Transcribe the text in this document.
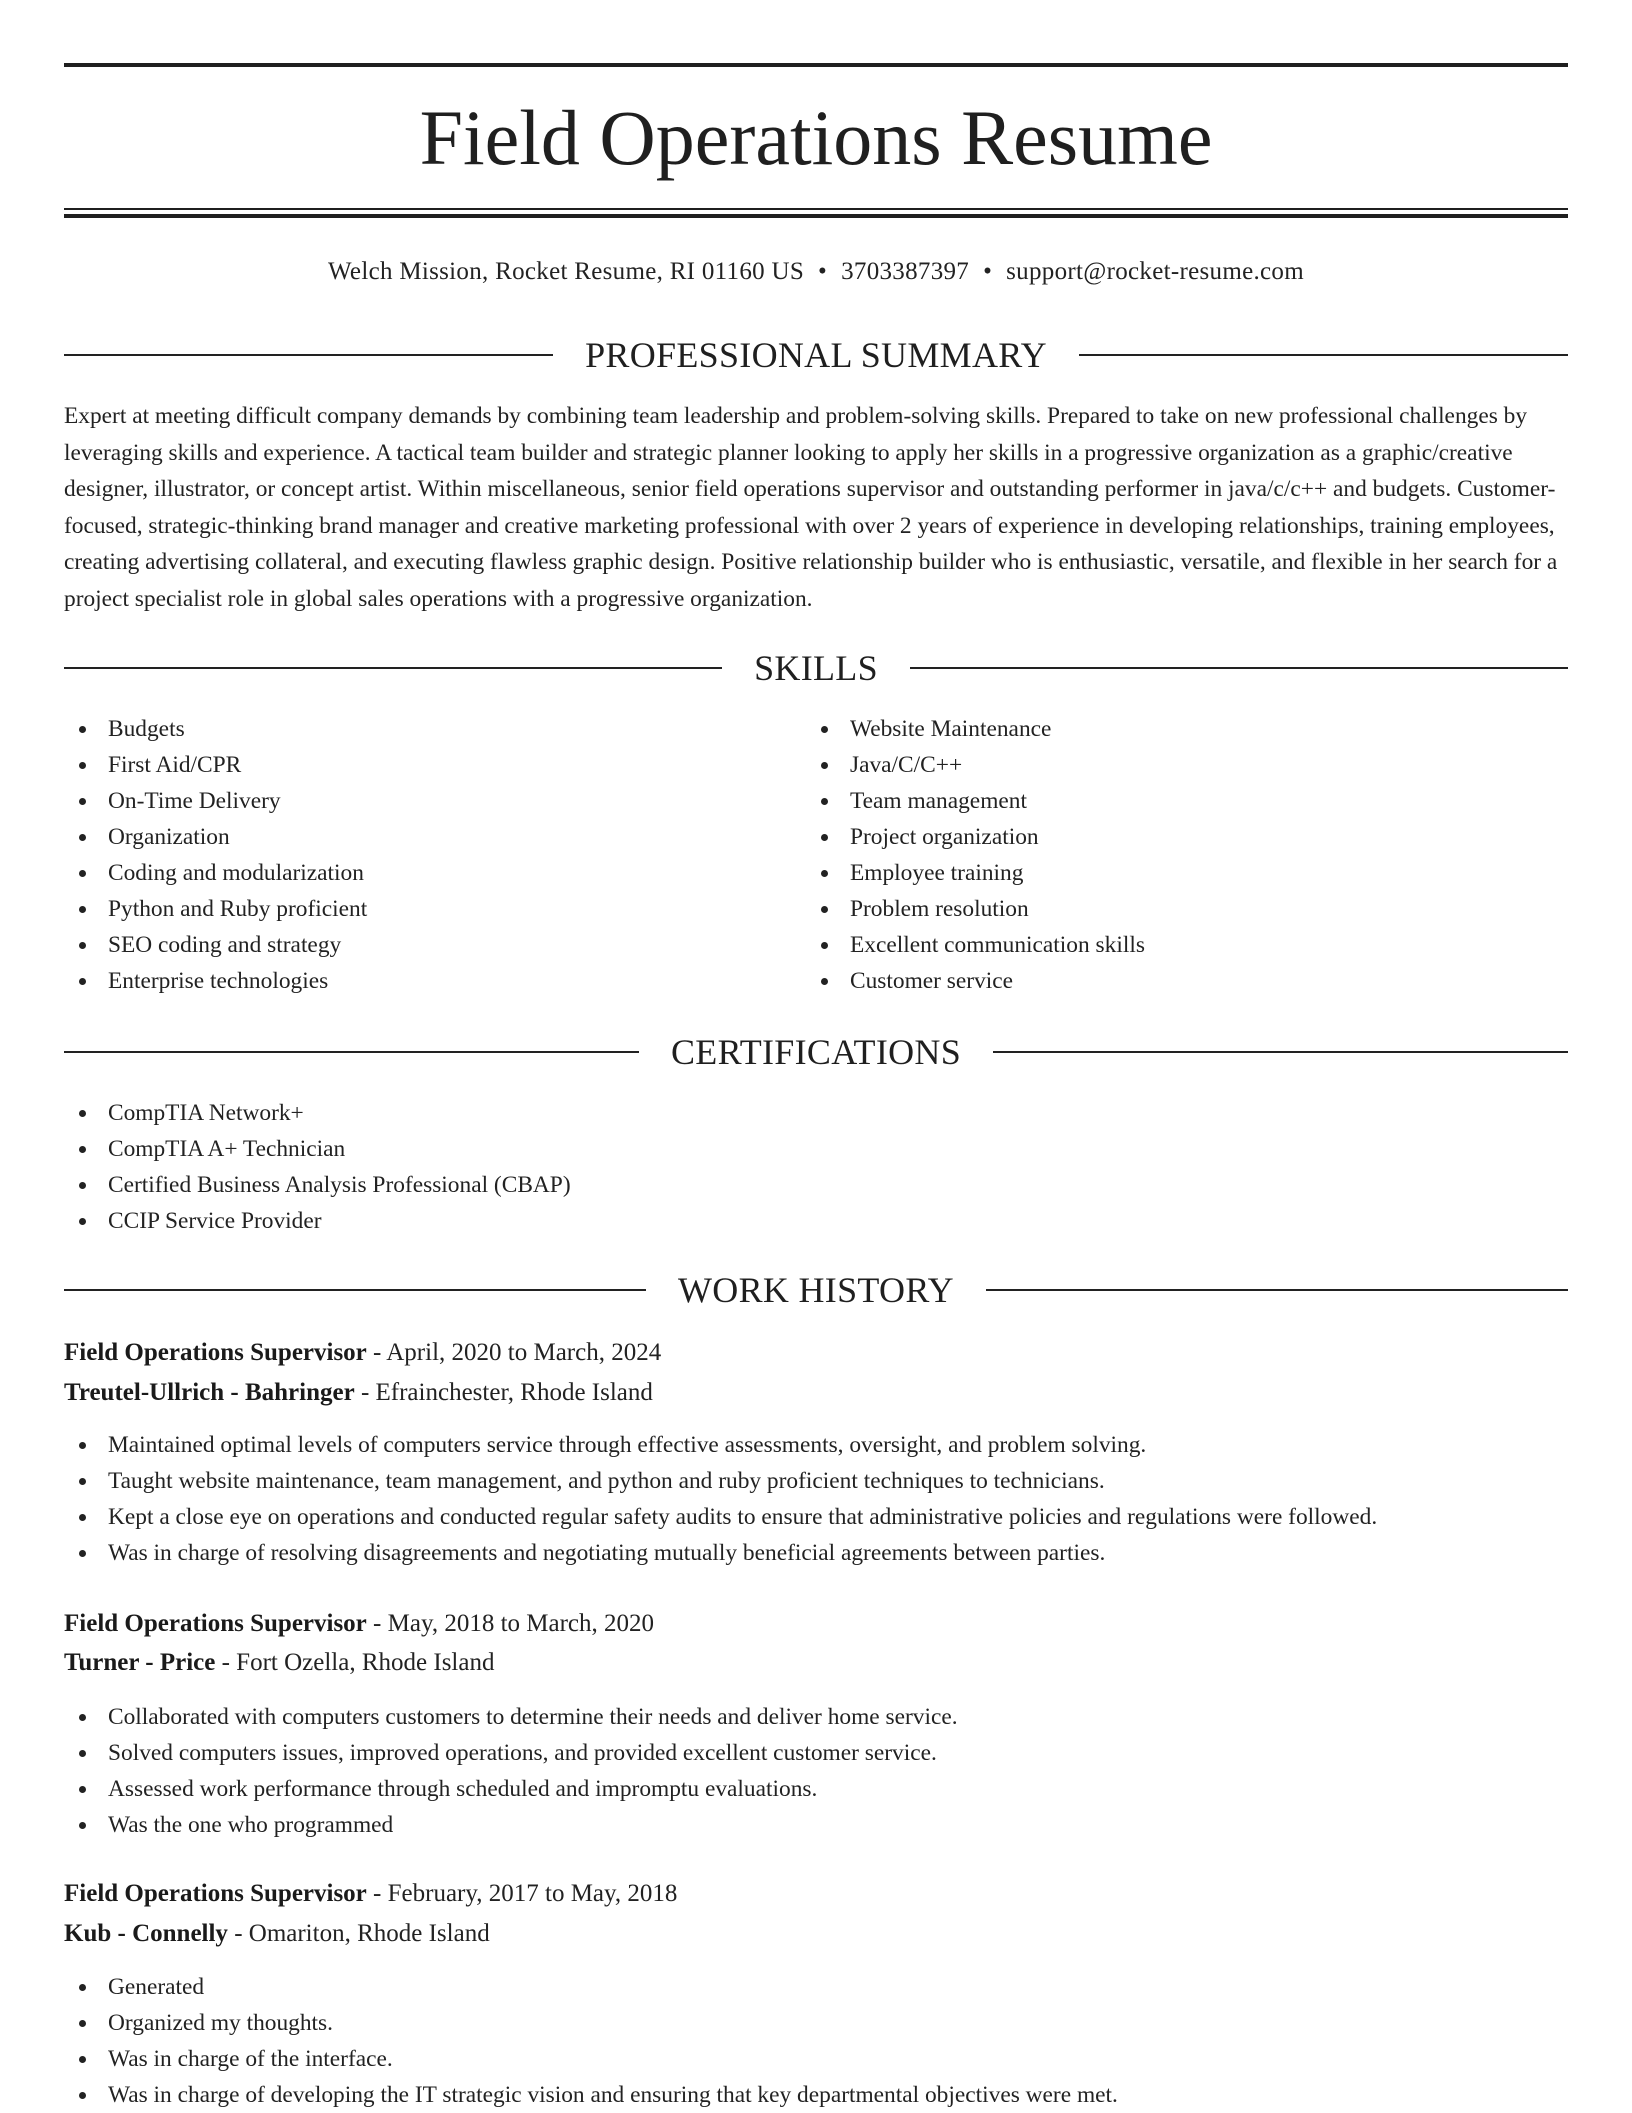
Field Operations Resume
Welch Mission, Rocket Resume, RI 01160 US • 3703387397 • support@rocket-resume.com
PROFESSIONAL SUMMARY

Expert at meeting difficult company demands by combining team leadership and problem-solving skills. Prepared to take on new professional challenges by leveraging skills and experience. A tactical team builder and strategic planner looking to apply her skills in a progressive organization as a graphic/creative designer, illustrator, or concept artist. Within miscellaneous, senior field operations supervisor and outstanding performer in java/c/c++ and budgets. Customer-focused, strategic-thinking brand manager and creative marketing professional with over 2 years of experience in developing relationships, training employees, creating advertising collateral, and executing flawless graphic design. Positive relationship builder who is enthusiastic, versatile, and flexible in her search for a project specialist role in global sales operations with a progressive organization.

SKILLS
Budgets
First Aid/CPR
On-Time Delivery
Organization
Coding and modularization
Python and Ruby proficient
SEO coding and strategy
Enterprise technologies
Website Maintenance
Java/C/C++
Team management
Project organization
Employee training
Problem resolution
Excellent communication skills
Customer service
CERTIFICATIONS
CompTIA Network+
CompTIA A+ Technician
Certified Business Analysis Professional (CBAP)
CCIP Service Provider
WORK HISTORY
Field Operations Supervisor - April, 2020 to March, 2024
Treutel-Ullrich - Bahringer - Efrainchester, Rhode Island
Maintained optimal levels of computers service through effective assessments, oversight, and problem solving.
Taught website maintenance, team management, and python and ruby proficient techniques to technicians.
Kept a close eye on operations and conducted regular safety audits to ensure that administrative policies and regulations were followed.
Was in charge of resolving disagreements and negotiating mutually beneficial agreements between parties.
Field Operations Supervisor - May, 2018 to March, 2020
Turner - Price - Fort Ozella, Rhode Island
Collaborated with computers customers to determine their needs and deliver home service.
Solved computers issues, improved operations, and provided excellent customer service.
Assessed work performance through scheduled and impromptu evaluations.
Was the one who programmed
Field Operations Supervisor - February, 2017 to May, 2018
Kub - Connelly - Omariton, Rhode Island
Generated
Organized my thoughts.
Was in charge of the interface.
Was in charge of developing the IT strategic vision and ensuring that key departmental objectives were met.
